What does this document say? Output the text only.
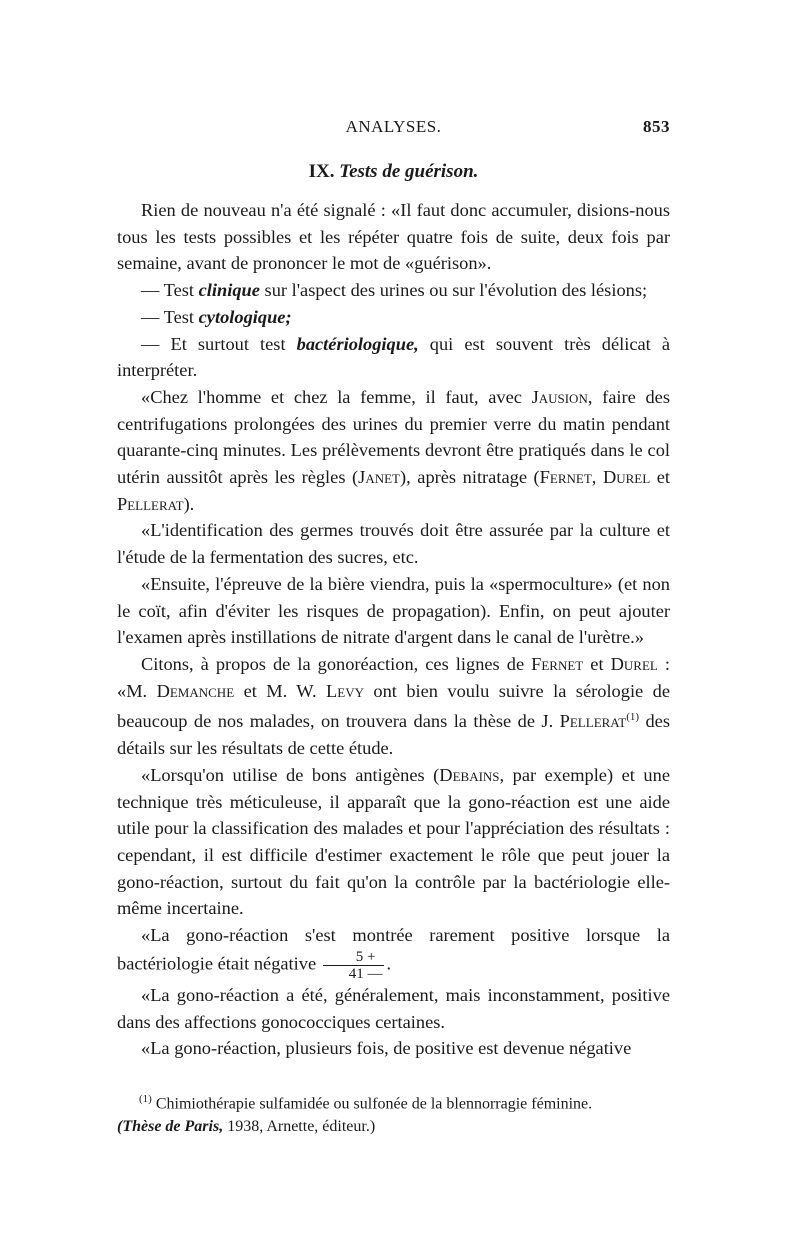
ANALYSES.	853
IX. Tests de guérison.

Rien de nouveau n'a été signalé : «Il faut donc accumuler, disions-nous tous les tests possibles et les répéter quatre fois de suite, deux fois par semaine, avant de prononcer le mot de «guérison».

— Test clinique sur l'aspect des urines ou sur l'évolution des lésions;

— Test cytologique;

— Et surtout test bactériologique, qui est souvent très délicat à interpréter.

«Chez l'homme et chez la femme, il faut, avec Jausion, faire des centrifugations prolongées des urines du premier verre du matin pendant quarante-cinq minutes. Les prélèvements devront être pratiqués dans le col utérin aussitôt après les règles (Janet), après nitratage (Fernet, Durel et Pellerat).

«L'identification des germes trouvés doit être assurée par la culture et l'étude de la fermentation des sucres, etc.

«Ensuite, l'épreuve de la bière viendra, puis la «spermoculture» (et non le coït, afin d'éviter les risques de propagation). Enfin, on peut ajouter l'examen après instillations de nitrate d'argent dans le canal de l'urètre.»

Citons, à propos de la gonoréaction, ces lignes de Fernet et Durel : «M. Demanche et M. W. Levy ont bien voulu suivre la sérologie de beaucoup de nos malades, on trouvera dans la thèse de J. Pellerat$^{(1)}$ des détails sur les résultats de cette étude.

«Lorsqu'on utilise de bons antigènes (Debains, par exemple) et une technique très méticuleuse, il apparaît que la gono-réaction est une aide utile pour la classification des malades et pour l'appréciation des résultats : cependant, il est difficile d'estimer exactement le rôle que peut jouer la gono-réaction, surtout du fait qu'on la contrôle par la bactériologie elle-même incertaine.

«La gono-réaction s'est montrée rarement positive lorsque la bactériologie était négative $\frac{5 +}{41 —}$ .

«La gono-réaction a été, généralement, mais inconstamment, positive dans des affections gonococciques certaines.

«La gono-réaction, plusieurs fois, de positive est devenue négative

$^{(1)}$ Chimiothérapie sulfamidée ou sulfonée de la blennorragie féminine.

(Thèse de Paris, 1938, Arnette, éditeur.)
